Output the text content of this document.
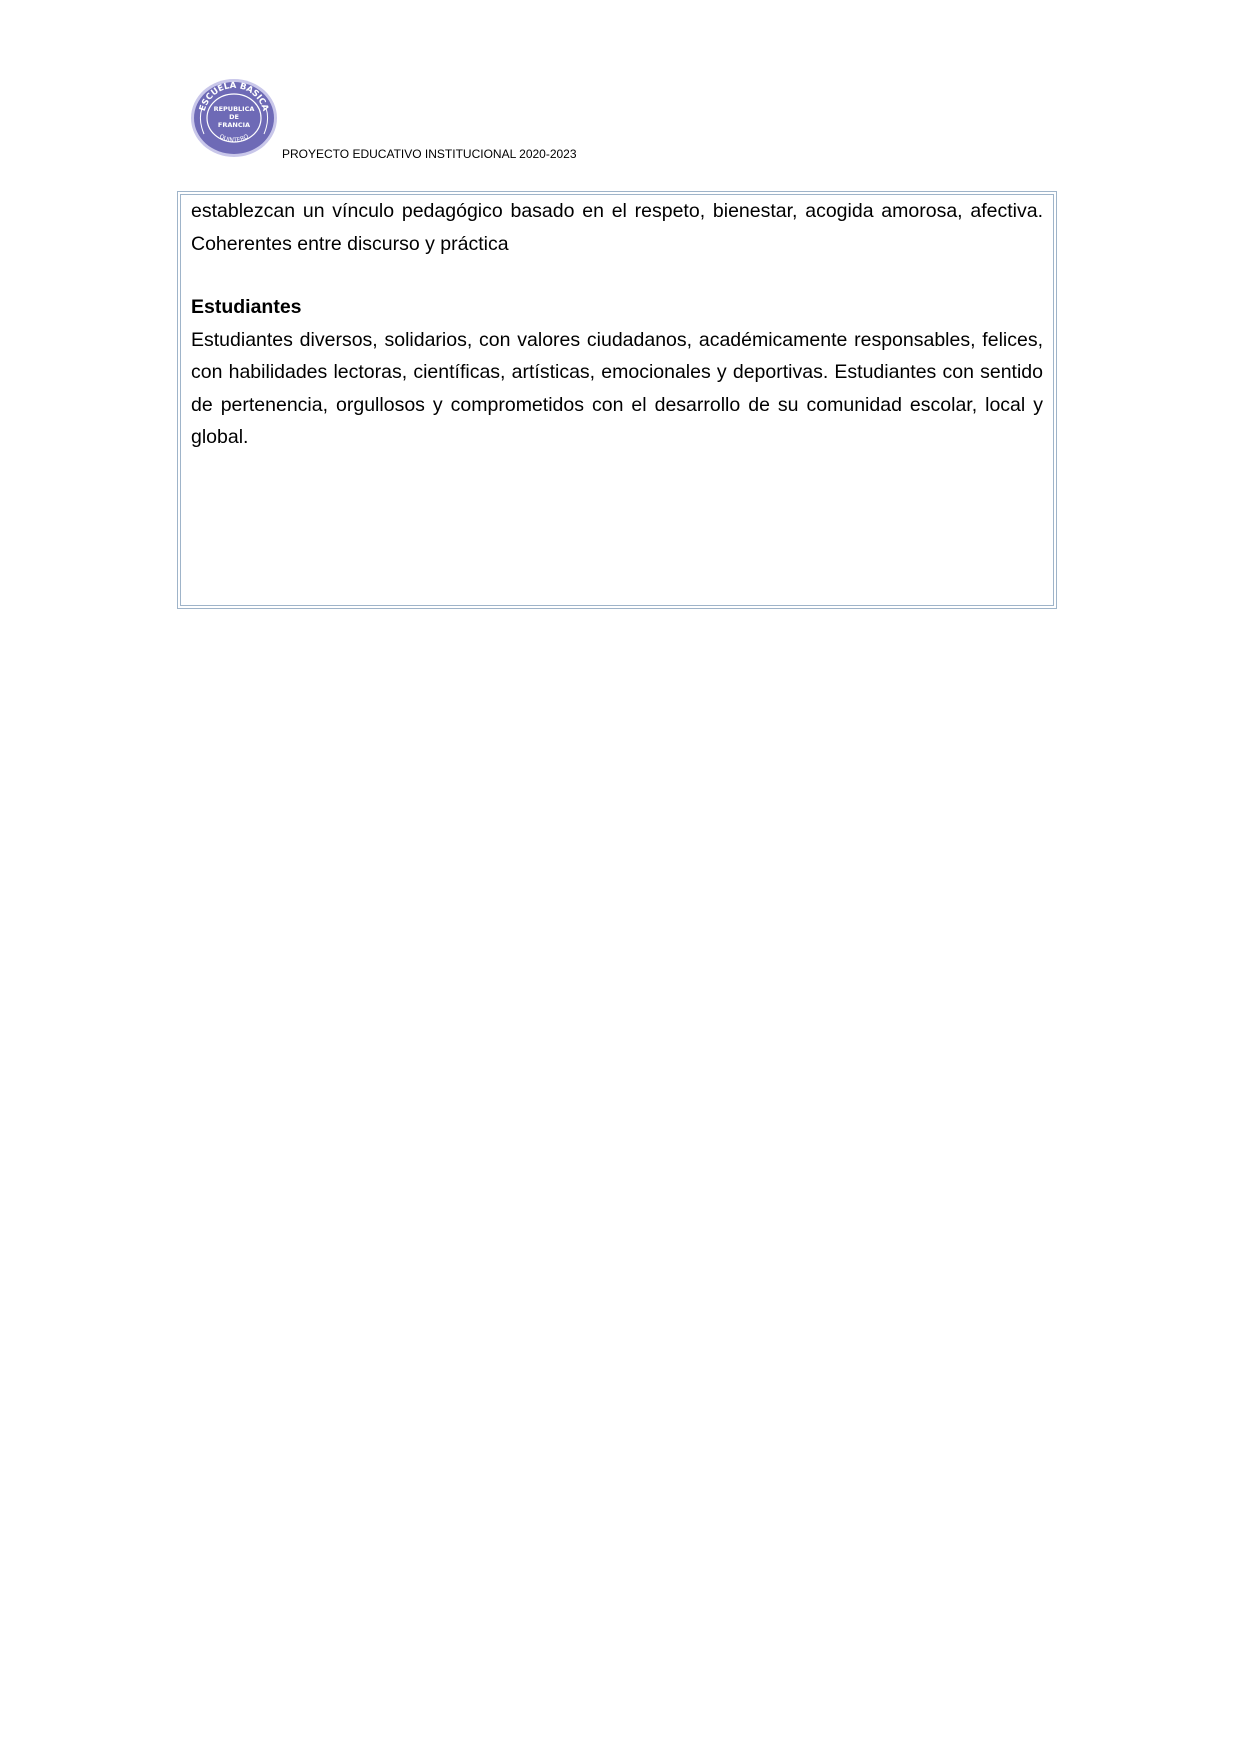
ESCUELA BASICA
REPUBLICA
DE
FRANCIA
QUINTERO
PROYECTO EDUCATIVO INSTITUCIONAL 2020-2023

establezcan un vínculo pedagógico basado en el respeto, bienestar, acogida amorosa, afectiva. Coherentes entre discurso y práctica

Estudiantes

Estudiantes diversos, solidarios, con valores ciudadanos, académicamente responsables, felices, con habilidades lectoras, científicas, artísticas, emocionales y deportivas. Estudiantes con sentido de pertenencia, orgullosos y comprometidos con el desarrollo de su comunidad escolar, local y global.
